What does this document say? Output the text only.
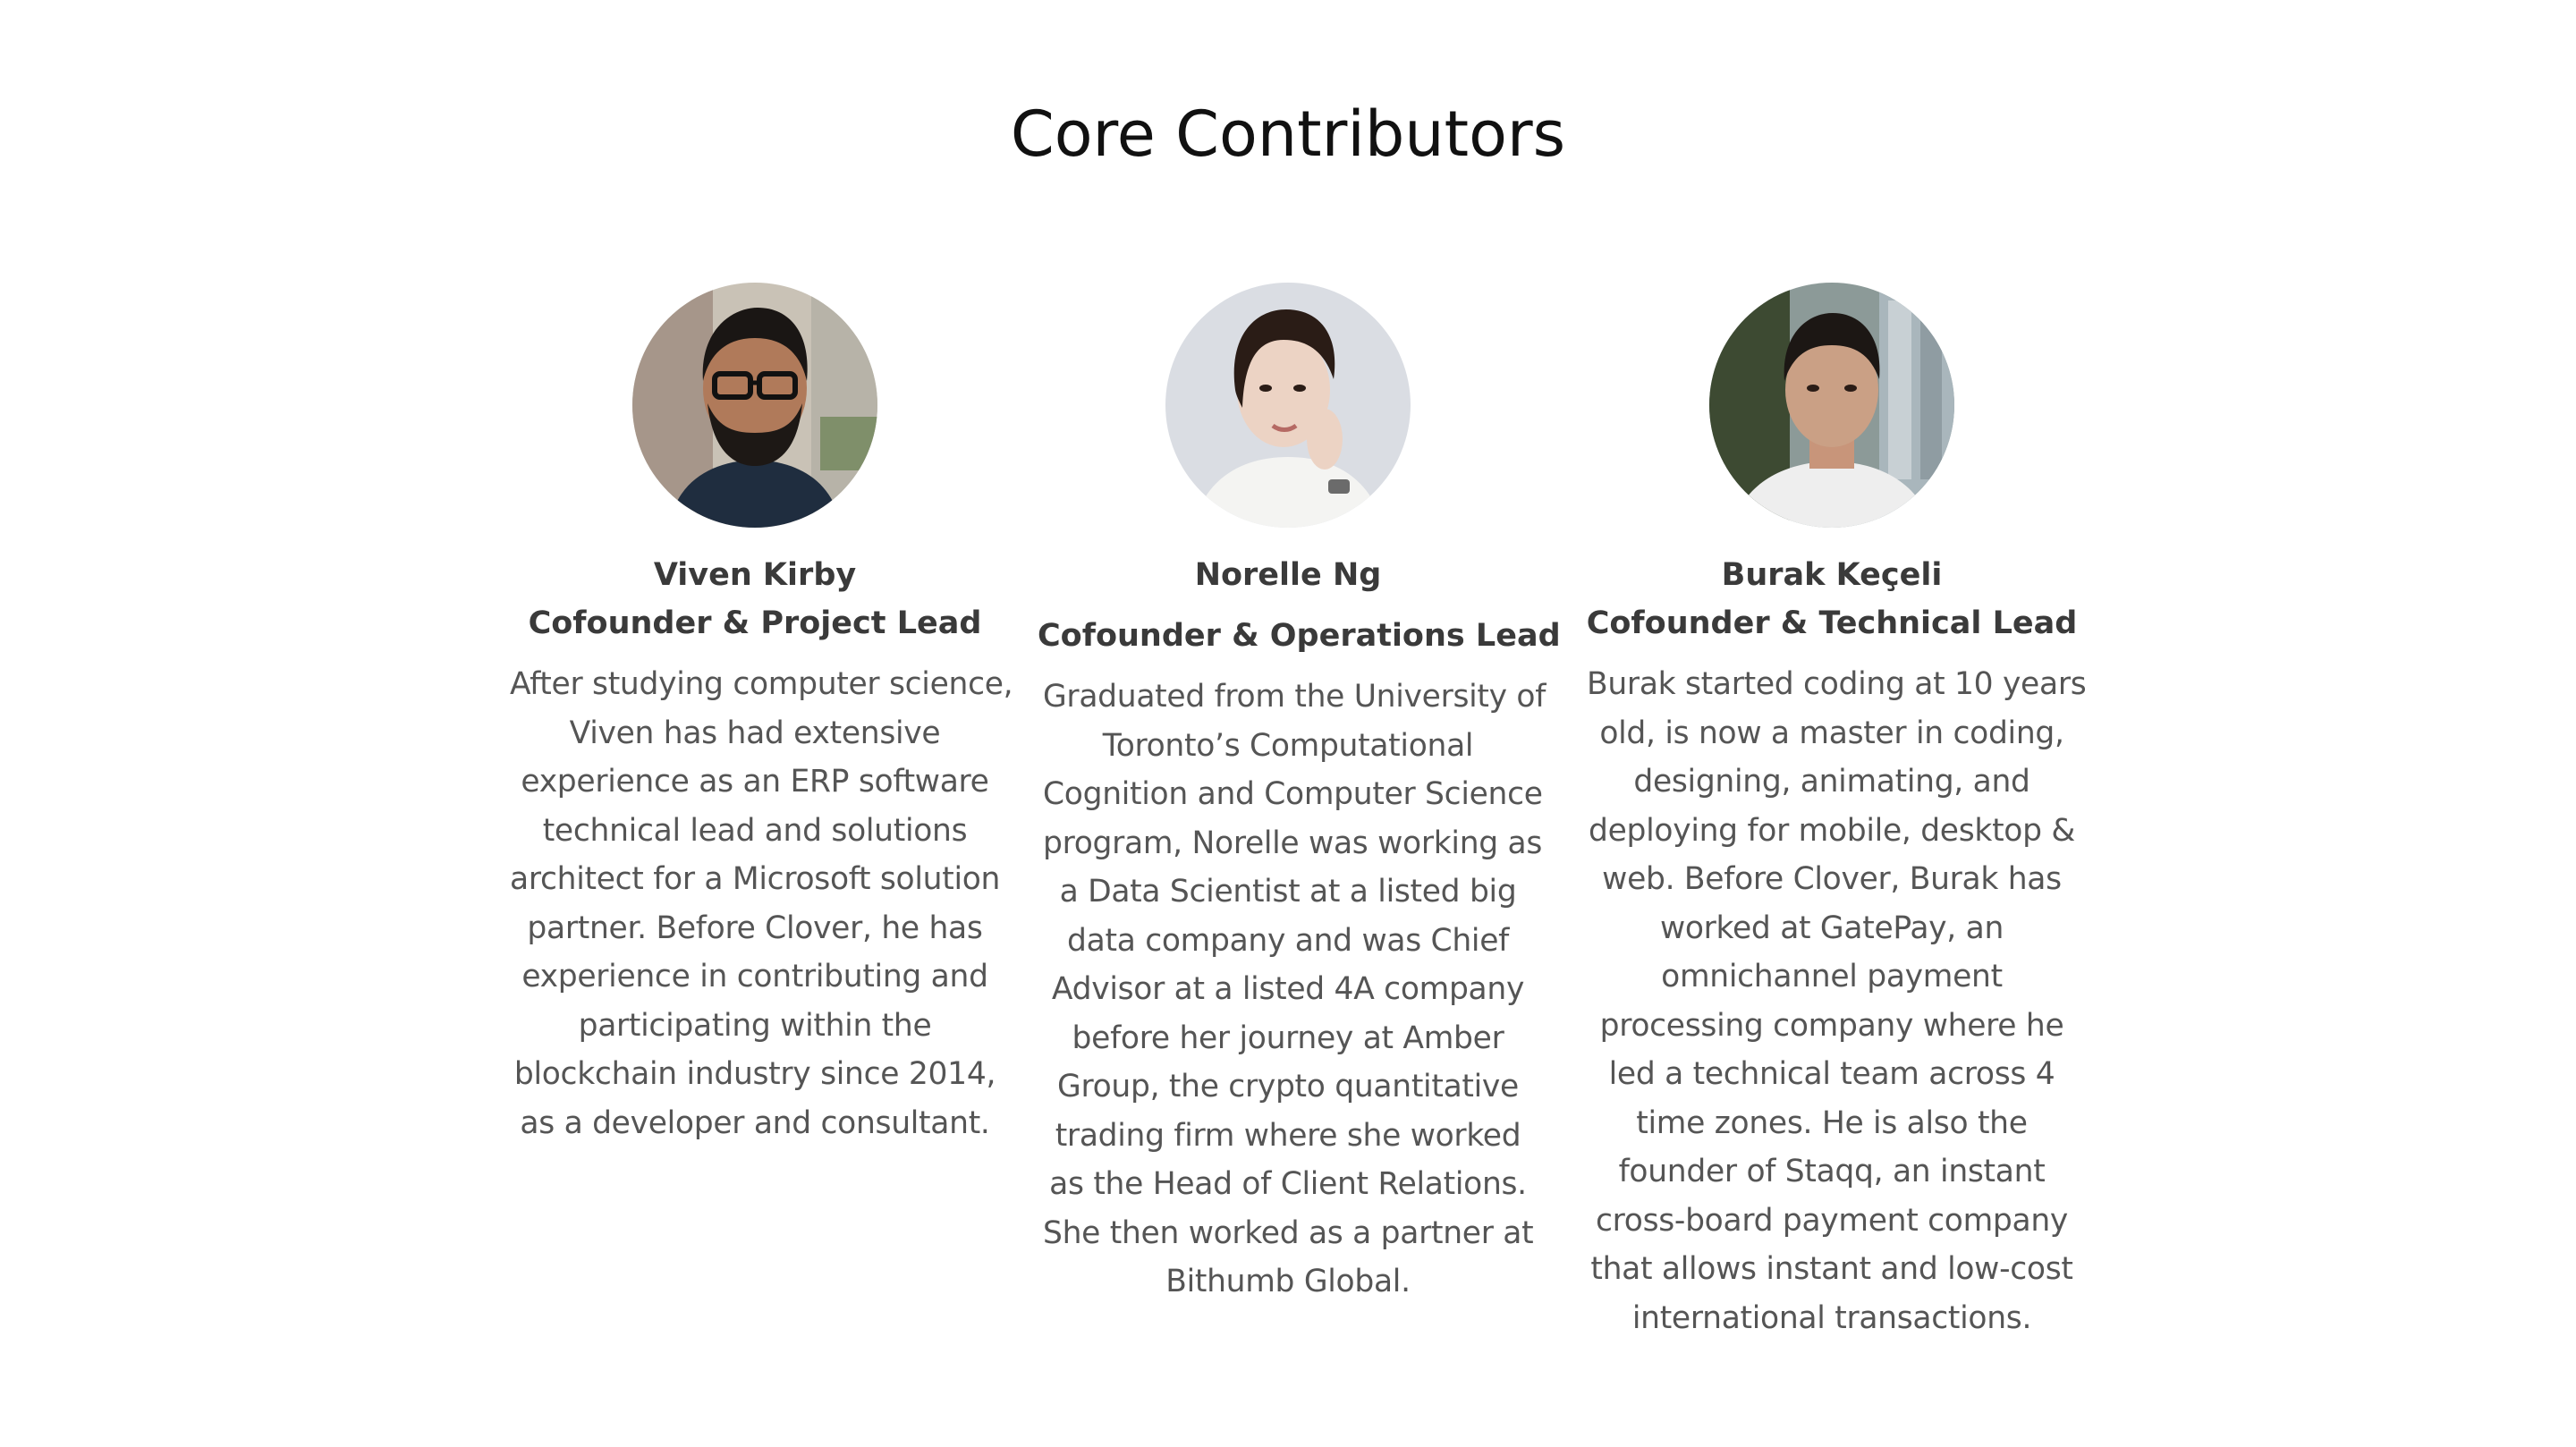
Core Contributors
Viven Kirby
Cofounder & Project Lead
After studying computer science,
Viven has had extensive
experience as an ERP software
technical lead and solutions
architect for a Microsoft solution
partner. Before Clover, he has
experience in contributing and
participating within the
blockchain industry since 2014,
as a developer and consultant.
Norelle Ng
Cofounder & Operations Lead
Graduated from the University of
Toronto’s Computational
Cognition and Computer Science
program, Norelle was working as
a Data Scientist at a listed big
data company and was Chief
Advisor at a listed 4A company
before her journey at Amber
Group, the crypto quantitative
trading firm where she worked
as the Head of Client Relations.
She then worked as a partner at
Bithumb Global.
Burak Keçeli
Cofounder & Technical Lead
Burak started coding at 10 years
old, is now a master in coding,
designing, animating, and
deploying for mobile, desktop &
web. Before Clover, Burak has
worked at GatePay, an
omnichannel payment
processing company where he
led a technical team across 4
time zones. He is also the
founder of Staqq, an instant
cross-board payment company
that allows instant and low-cost
international transactions.
